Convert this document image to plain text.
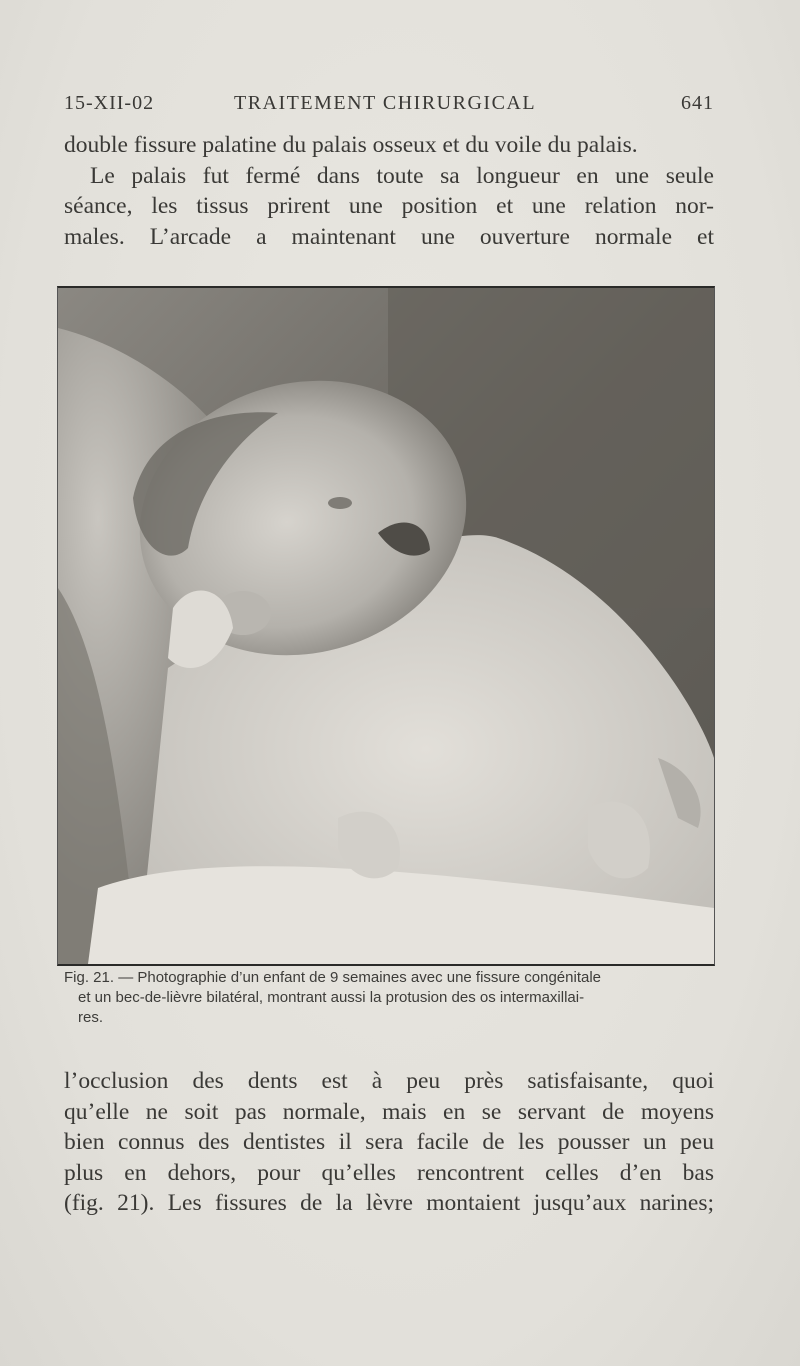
15-XII-02	TRAITEMENT CHIRURGICAL	641
double fissure palatine du palais osseux et du voile du palais.
Le palais fut fermé dans toute sa longueur en une seule
séance, les tissus prirent une position et une relation nor-
males. L’arcade a maintenant une ouverture normale et
Fig. 21. — Photographie d’un enfant de 9 semaines avec une fissure congénitale
et un bec-de-lièvre bilatéral, montrant aussi la protusion des os intermaxillai-
res.
l’occlusion des dents est à peu près satisfaisante, quoi
qu’elle ne soit pas normale, mais en se servant de moyens
bien connus des dentistes il sera facile de les pousser un peu
plus en dehors, pour qu’elles rencontrent celles d’en bas
(fig. 21). Les fissures de la lèvre montaient jusqu’aux narines;
